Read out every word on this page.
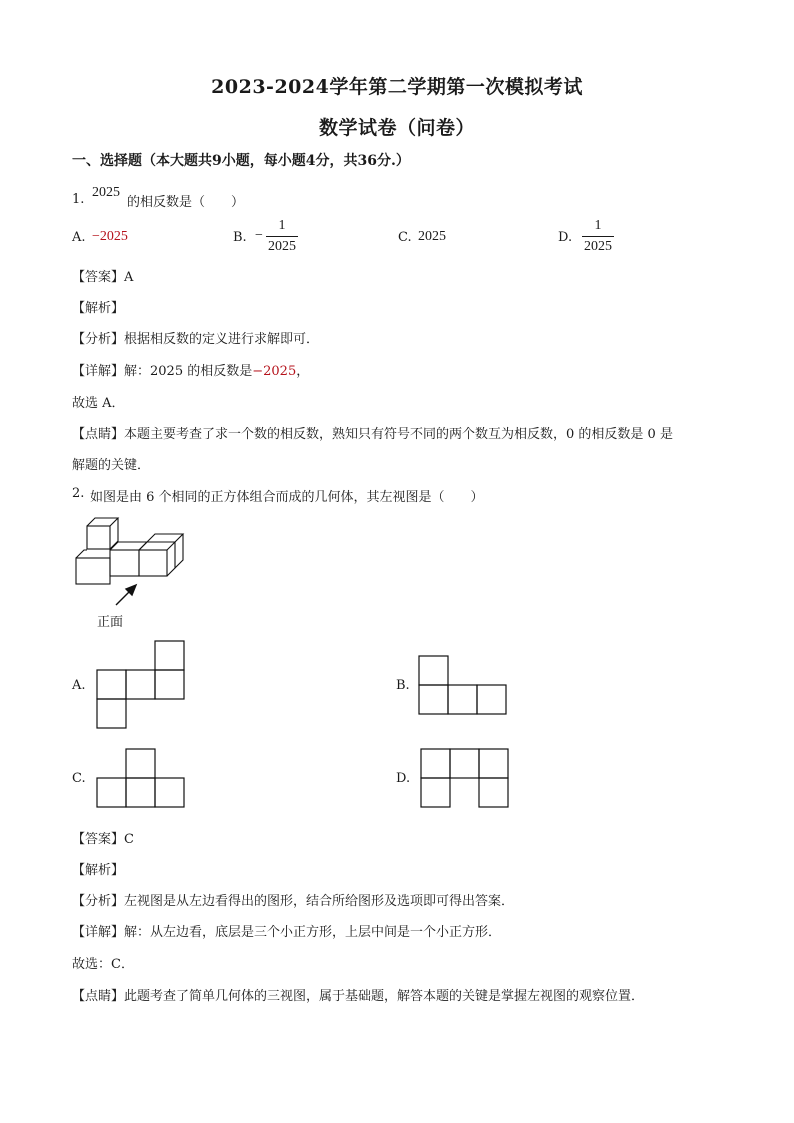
2023-2024学年第二学期第一次模拟考试
数学试卷（问卷）
一、选择题（本大题共9小题，每小题4分，共36分.）
1. 2025
的相反数是（　　）
A. −2025	B. −
1
2025
C. 2025	D.
1
2025
【答案】A
【解析】
【分析】根据相反数的定义进行求解即可．
【详解】解：2025 的相反数是−2025，
故选 A．
【点睛】本题主要考查了求一个数的相反数，熟知只有符号不同的两个数互为相反数，0 的相反数是 0 是
解题的关键．
2. 如图是由 6 个相同的正方体组合而成的几何体，其左视图是（　　）
正面
A.	B.
C.	D.
【答案】C
【解析】
【分析】左视图是从左边看得出的图形，结合所给图形及选项即可得出答案．
【详解】解：从左边看，底层是三个小正方形，上层中间是一个小正方形．
故选：C．
【点睛】此题考查了简单几何体的三视图，属于基础题，解答本题的关键是掌握左视图的观察位置．
